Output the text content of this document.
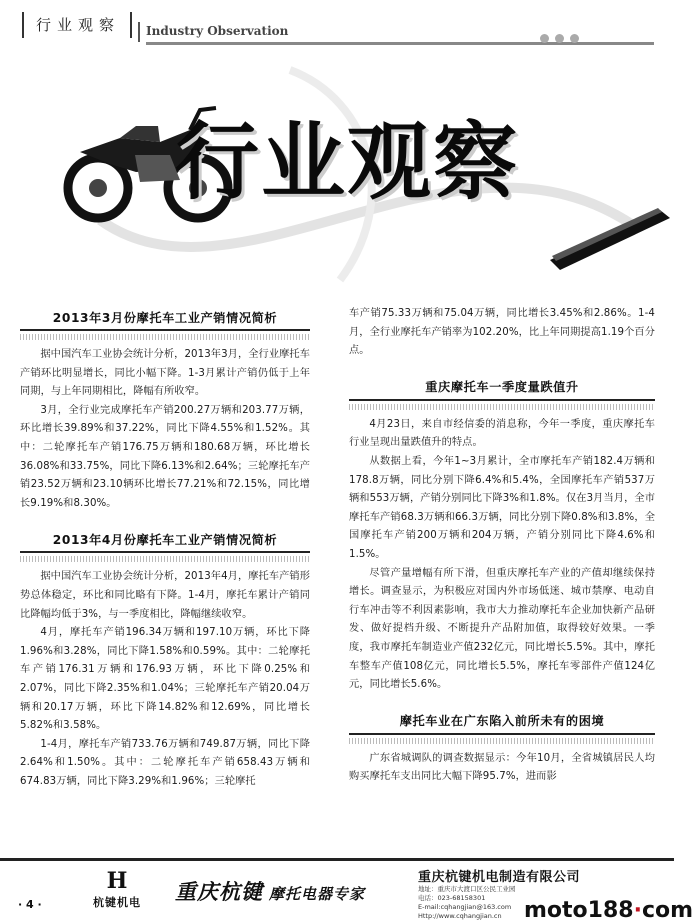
行业观察	Industry Observation
行业观察
2013年3月份摩托车工业产销情况简析

据中国汽车工业协会统计分析，2013年3月，全行业摩托车产销环比明显增长，同比小幅下降。1-3月累计产销仍低于上年同期，与上年同期相比，降幅有所收窄。

3月，全行业完成摩托车产销200.27万辆和203.77万辆，环比增长39.89%和37.22%，同比下降4.55%和1.52%。其中：二轮摩托车产销176.75万辆和180.68万辆，环比增长36.08%和33.75%，同比下降6.13%和2.64%；三轮摩托车产销23.52万辆和23.10辆环比增长77.21%和72.15%，同比增长9.19%和8.30%。

2013年4月份摩托车工业产销情况简析

据中国汽车工业协会统计分析，2013年4月，摩托车产销形势总体稳定，环比和同比略有下降。1-4月，摩托车累计产销同比降幅均低于3%，与一季度相比，降幅继续收窄。

4月，摩托车产销196.34万辆和197.10万辆，环比下降1.96%和3.28%，同比下降1.58%和0.59%。其中：二轮摩托车产销176.31万辆和176.93万辆，环比下降0.25%和2.07%，同比下降2.35%和1.04%；三轮摩托车产销20.04万辆和20.17万辆，环比下降14.82%和12.69%，同比增长5.82%和3.58%。

1-4月，摩托车产销733.76万辆和749.87万辆，同比下降2.64%和1.50%。其中：二轮摩托车产销658.43万辆和674.83万辆，同比下降3.29%和1.96%；三轮摩托

车产销75.33万辆和75.04万辆，同比增长3.45%和2.86%。1-4月，全行业摩托车产销率为102.20%，比上年同期提高1.19个百分点。

重庆摩托车一季度量跌值升

4月23日，来自市经信委的消息称，今年一季度，重庆摩托车行业呈现出量跌值升的特点。

从数据上看，今年1~3月累计，全市摩托车产销182.4万辆和178.8万辆，同比分别下降6.4%和5.4%，全国摩托车产销537万辆和553万辆，产销分别同比下降3%和1.8%。仅在3月当月，全市摩托车产销68.3万辆和66.3万辆，同比分别下降0.8%和3.8%，全国摩托车产销200万辆和204万辆，产销分别同比下降4.6%和1.5%。

尽管产量增幅有所下滑，但重庆摩托车产业的产值却继续保持增长。调查显示，为积极应对国内外市场低迷、城市禁摩、电动自行车冲击等不利因素影响，我市大力推动摩托车企业加快新产品研发、做好提档升级、不断提升产品附加值，取得较好效果。一季度，我市摩托车制造业产值232亿元，同比增长5.5%。其中，摩托车整车产值108亿元，同比增长5.5%，摩托车零部件产值124亿元，同比增长5.6%。

摩托车业在广东陷入前所未有的困境

广东省城调队的调查数据显示：今年10月，全省城镇居民人均购买摩托车支出同比大幅下降95.7%，进而影

· 4 ·
H
杭键机电	重庆杭键 摩托电器专家
重庆杭键机电制造有限公司
地址：重庆市大渡口区公民工业园
电话：023-68158301
E-mail:cqhangjian@163.com
Http://www.cqhangjian.cn	moto188·com
